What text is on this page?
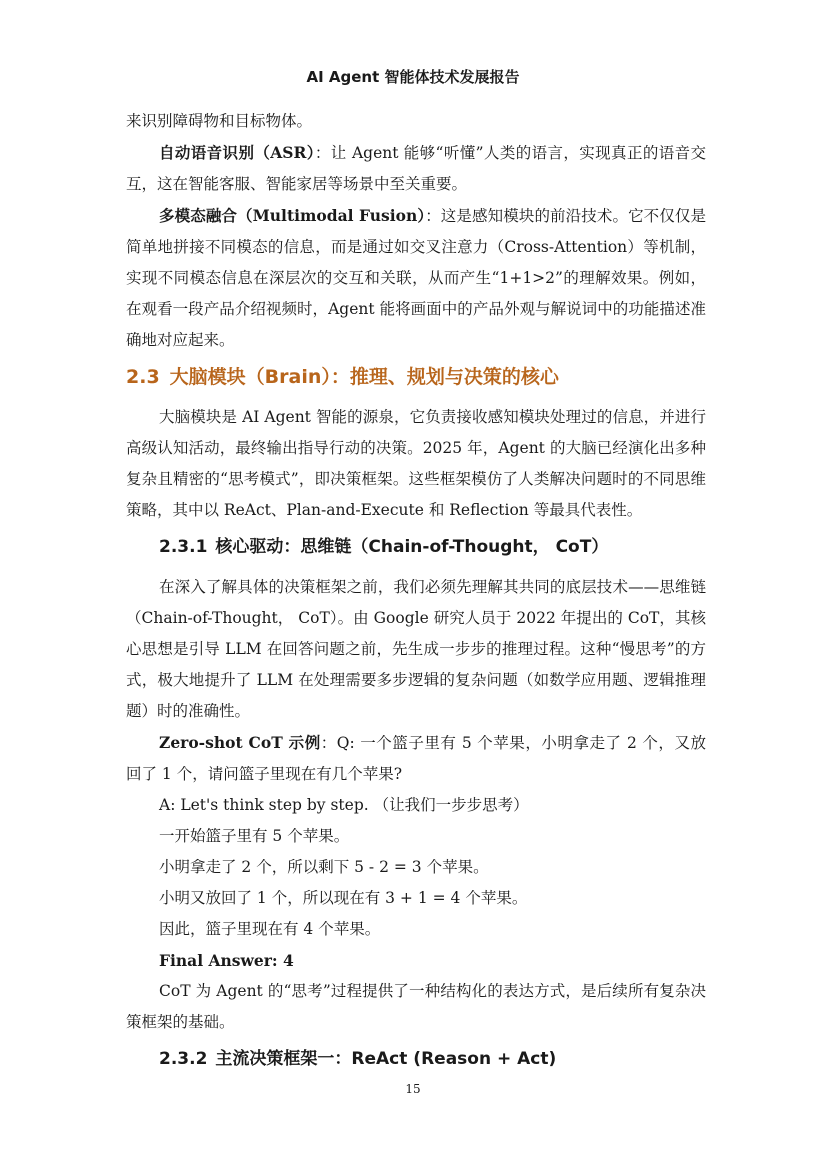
AI Agent 智能体技术发展报告

来识别障碍物和目标物体。

自动语音识别（ASR）：让 Agent 能够“听懂”人类的语言，实现真正的语音交互，这在智能客服、智能家居等场景中至关重要。

多模态融合（Multimodal Fusion）：这是感知模块的前沿技术。它不仅仅是简单地拼接不同模态的信息，而是通过如交叉注意力（Cross-Attention）等机制，实现不同模态信息在深层次的交互和关联，从而产生“1+1>2”的理解效果。例如，在观看一段产品介绍视频时，Agent 能将画面中的产品外观与解说词中的功能描述准确地对应起来。

2.3 大脑模块（Brain）：推理、规划与决策的核心

大脑模块是 AI Agent 智能的源泉，它负责接收感知模块处理过的信息，并进行高级认知活动，最终输出指导行动的决策。2025 年，Agent 的大脑已经演化出多种复杂且精密的“思考模式”，即决策框架。这些框架模仿了人类解决问题时的不同思维策略，其中以 ReAct、Plan-and-Execute 和 Reflection 等最具代表性。

2.3.1 核心驱动：思维链（Chain-of-Thought， CoT）

在深入了解具体的决策框架之前，我们必须先理解其共同的底层技术——思维链（Chain-of-Thought， CoT）。由 Google 研究人员于 2022 年提出的 CoT，其核心思想是引导 LLM 在回答问题之前，先生成一步步的推理过程。这种“慢思考”的方式，极大地提升了 LLM 在处理需要多步逻辑的复杂问题（如数学应用题、逻辑推理题）时的准确性。

Zero-shot CoT 示例：Q: 一个篮子里有 5 个苹果，小明拿走了 2 个，又放回了 1 个，请问篮子里现在有几个苹果?

A: Let's think step by step. （让我们一步步思考）

一开始篮子里有 5 个苹果。

小明拿走了 2 个，所以剩下 5 - 2 = 3 个苹果。

小明又放回了 1 个，所以现在有 3 + 1 = 4 个苹果。

因此，篮子里现在有 4 个苹果。

Final Answer: 4

CoT 为 Agent 的“思考”过程提供了一种结构化的表达方式，是后续所有复杂决策框架的基础。

2.3.2 主流决策框架一：ReAct (Reason + Act)
15
